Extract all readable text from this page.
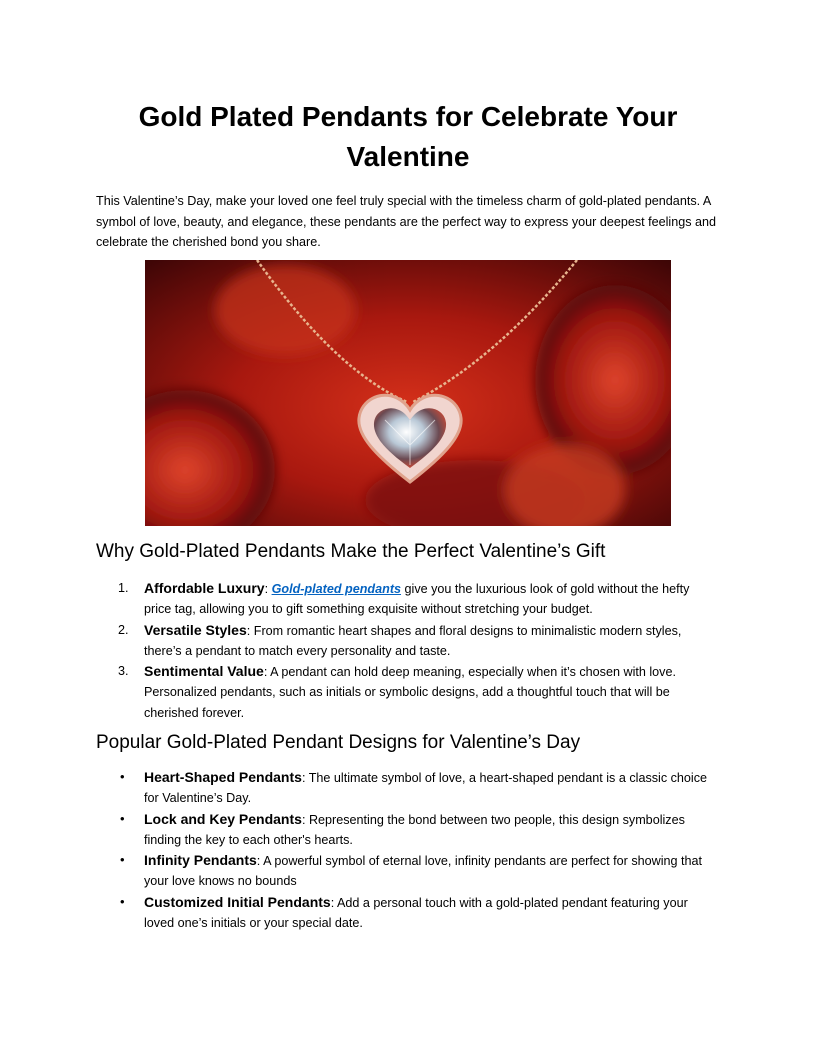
Gold Plated Pendants for Celebrate Your Valentine

This Valentine’s Day, make your loved one feel truly special with the timeless charm of gold-plated pendants. A symbol of love, beauty, and elegance, these pendants are the perfect way to express your deepest feelings and celebrate the cherished bond you share.

Why Gold-Plated Pendants Make the Perfect Valentine’s Gift
1. Affordable Luxury: Gold-plated pendants give you the luxurious look of gold without the hefty price tag, allowing you to gift something exquisite without stretching your budget.
2. Versatile Styles: From romantic heart shapes and floral designs to minimalistic modern styles, there’s a pendant to match every personality and taste.
3. Sentimental Value: A pendant can hold deep meaning, especially when it’s chosen with love. Personalized pendants, such as initials or symbolic designs, add a thoughtful touch that will be cherished forever.
Popular Gold-Plated Pendant Designs for Valentine’s Day
• Heart-Shaped Pendants: The ultimate symbol of love, a heart-shaped pendant is a classic choice for Valentine’s Day.
• Lock and Key Pendants: Representing the bond between two people, this design symbolizes finding the key to each other's hearts.
• Infinity Pendants: A powerful symbol of eternal love, infinity pendants are perfect for showing that your love knows no bounds
• Customized Initial Pendants: Add a personal touch with a gold-plated pendant featuring your loved one’s initials or your special date.
